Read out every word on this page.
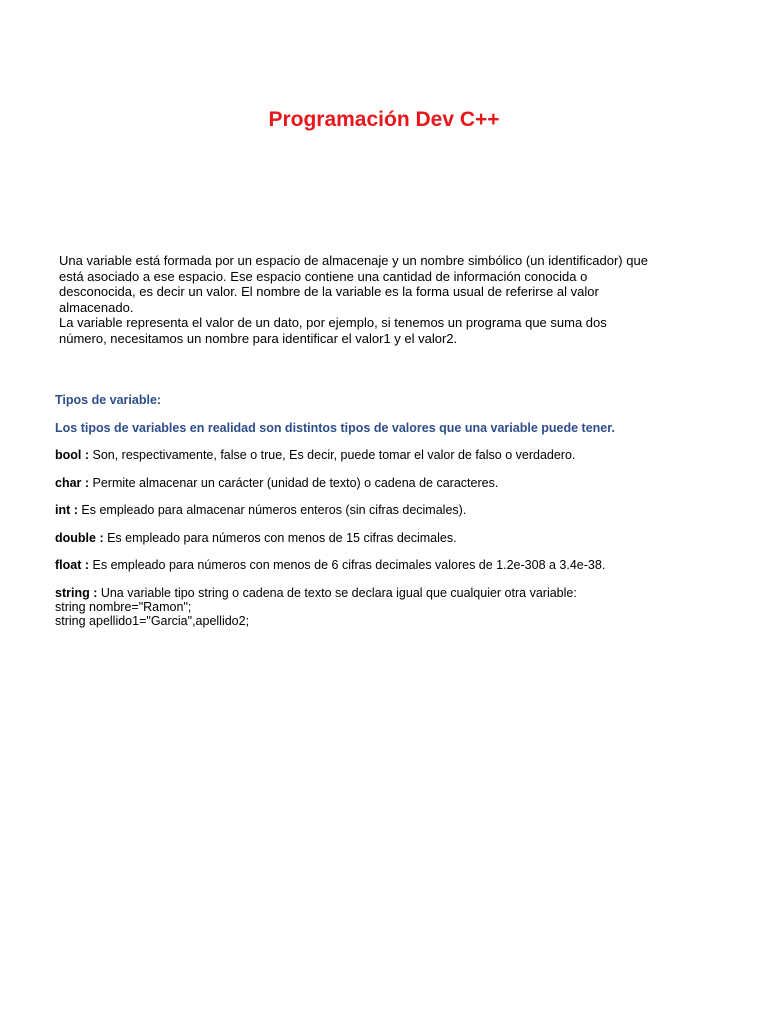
Programación Dev C++

Una variable está formada por un espacio de almacenaje y un nombre simbólico (un identificador) que está asociado a ese espacio. Ese espacio contiene una cantidad de información conocida o desconocida, es decir un valor. El nombre de la variable es la forma usual de referirse al valor almacenado.

La variable representa el valor de un dato, por ejemplo, si tenemos un programa que suma dos número, necesitamos un nombre para identificar el valor1 y el valor2.

Tipos de variable:

Los tipos de variables en realidad son distintos tipos de valores que una variable puede tener.

bool : Son, respectivamente, false o true, Es decir, puede tomar el valor de falso o verdadero.

char : Permite almacenar un carácter (unidad de texto) o cadena de caracteres.

int : Es empleado para almacenar números enteros (sin cifras decimales).

double : Es empleado para números con menos de 15 cifras decimales.

float : Es empleado para números con menos de 6 cifras decimales valores de 1.2e-308 a 3.4e-38.

string : Una variable tipo string o cadena de texto se declara igual que cualquier otra variable:

string nombre="Ramon";

string apellido1="Garcia",apellido2;
